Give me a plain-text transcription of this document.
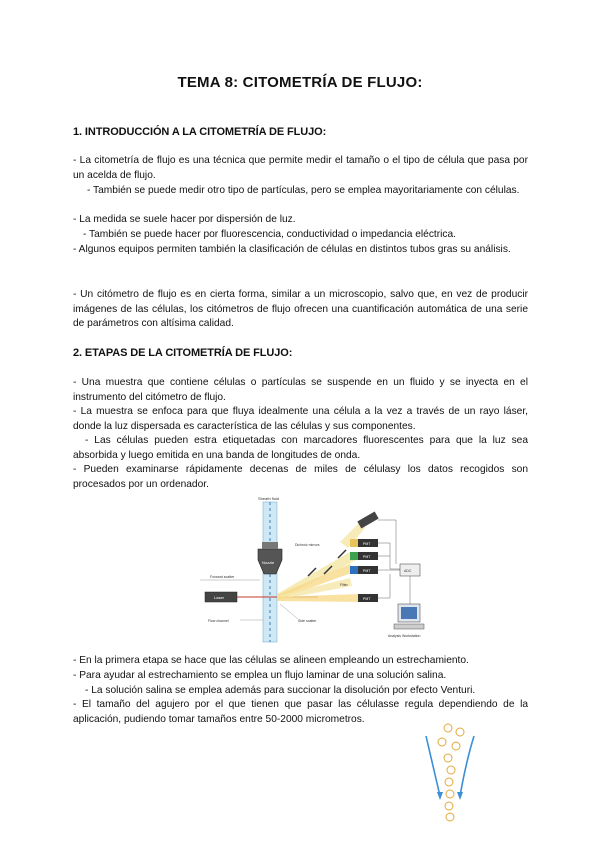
TEMA 8: CITOMETRÍA DE FLUJO:
1. INTRODUCCIÓN A LA CITOMETRÍA DE FLUJO:

- La citometría de flujo es una técnica que permite medir el tamaño o el tipo de célula que pasa por un acelda de flujo.

- También se puede medir otro tipo de partículas, pero se emplea mayoritariamente con células.

- La medida se suele hacer por dispersión de luz.

- También se puede hacer por fluorescencia, conductividad o impedancia eléctrica.

- Algunos equipos permiten también la clasificación de células en distintos tubos gras su análisis.

- Un citómetro de flujo es en cierta forma, similar a un microscopio, salvo que, en vez de producir imágenes de las células, los citómetros de flujo ofrecen una cuantificación automática de una serie de parámetros con altísima calidad.

2. ETAPAS DE LA CITOMETRÍA DE FLUJO:

- Una muestra que contiene células o partículas se suspende en un fluido y se inyecta en el instrumento del citómetro de flujo.

- La muestra se enfoca para que fluya idealmente una célula a la vez a través de un rayo láser, donde la luz dispersada es característica de las células y sus componentes.

- Las células pueden estra etiquetadas con marcadores fluorescentes para que la luz sea absorbida y luego emitida en una banda de longitudes de onda.

- Pueden examinarse rápidamente decenas de miles de célulasy los datos recogidos son procesados por un ordenador.

Sheath fluid
Nozzle
Laser
Forward scatter
Dichroic mirrors	PMT
PMT
PMT
PMT
Filter
ADC
Analysis Workstation
Flow channel	Side scatter

- En la primera etapa se hace que las células se alineen empleando un estrechamiento.

- Para ayudar al estrechamiento se emplea un flujo laminar de una solución salina.

- La solución salina se emplea además para succionar la disolución por efecto Venturi.

- El tamaño del agujero por el que tienen que pasar las célulasse regula dependiendo de la aplicación, pudiendo tomar tamaños entre 50-2000 micrometros.
